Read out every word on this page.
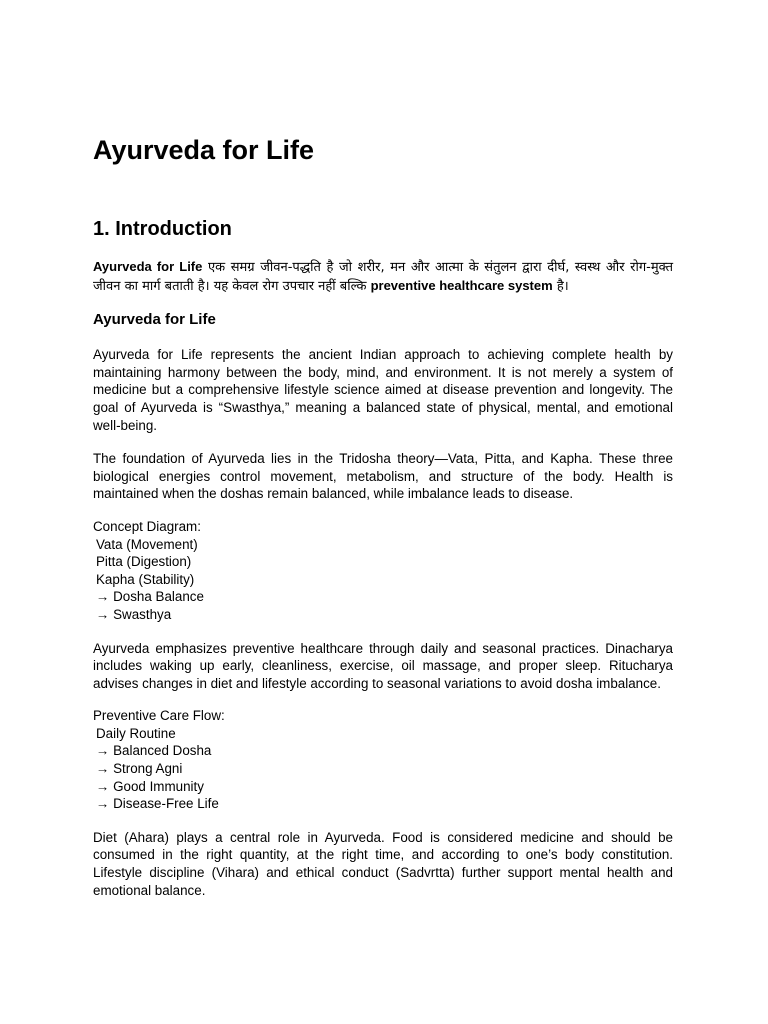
Ayurveda for Life
1. Introduction

Ayurveda for Life एक समग्र जीवन-पद्धति है जो शरीर, मन और आत्मा के संतुलन द्वारा दीर्घ, स्वस्थ और रोग-मुक्त जीवन का मार्ग बताती है। यह केवल रोग उपचार नहीं बल्कि preventive healthcare system है।

Ayurveda for Life

Ayurveda for Life represents the ancient Indian approach to achieving complete health by maintaining harmony between the body, mind, and environment. It is not merely a system of medicine but a comprehensive lifestyle science aimed at disease prevention and longevity. The goal of Ayurveda is “Swasthya,” meaning a balanced state of physical, mental, and emotional well-being.

The foundation of Ayurveda lies in the Tridosha theory—Vata, Pitta, and Kapha. These three biological energies control movement, metabolism, and structure of the body. Health is maintained when the doshas remain balanced, while imbalance leads to disease.

Concept Diagram:
Vata (Movement)
Pitta (Digestion)
Kapha (Stability)
→ Dosha Balance
→ Swasthya

Ayurveda emphasizes preventive healthcare through daily and seasonal practices. Dinacharya includes waking up early, cleanliness, exercise, oil massage, and proper sleep. Ritucharya advises changes in diet and lifestyle according to seasonal variations to avoid dosha imbalance.

Preventive Care Flow:
Daily Routine
→ Balanced Dosha
→ Strong Agni
→ Good Immunity
→ Disease-Free Life

Diet (Ahara) plays a central role in Ayurveda. Food is considered medicine and should be consumed in the right quantity, at the right time, and according to one’s body constitution. Lifestyle discipline (Vihara) and ethical conduct (Sadvrtta) further support mental health and emotional balance.
